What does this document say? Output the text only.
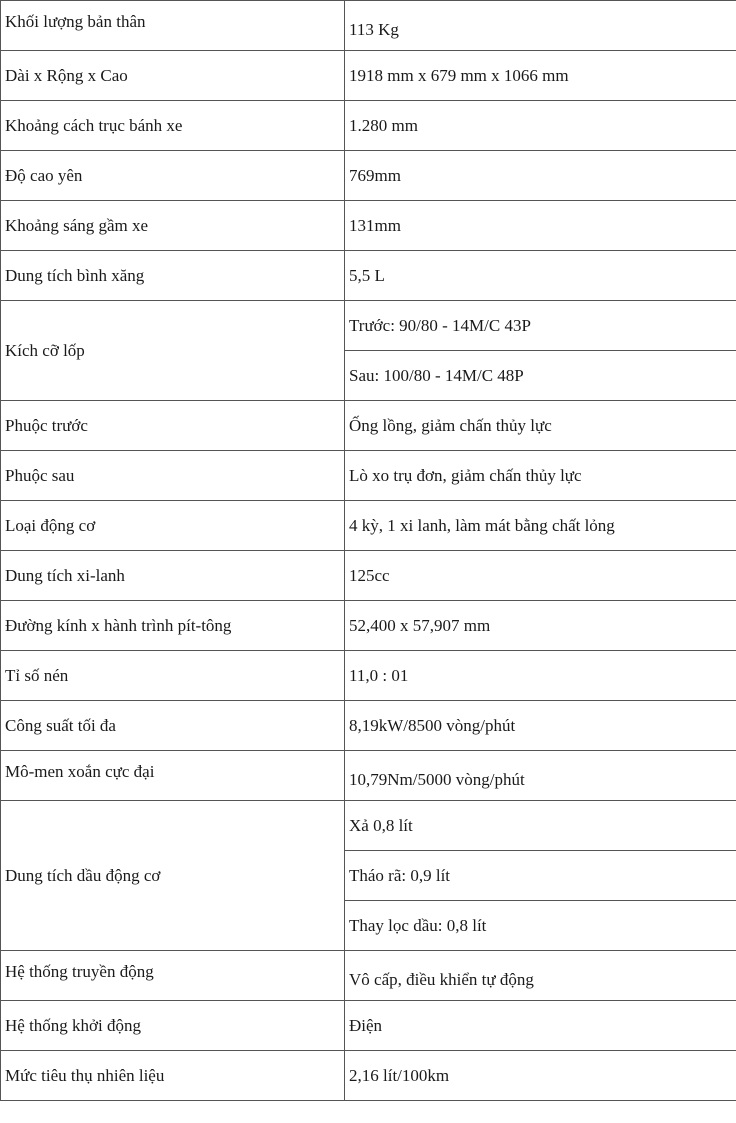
Khối lượng bản thân	113 Kg
Dài x Rộng x Cao	1918 mm x 679 mm x 1066 mm
Khoảng cách trục bánh xe	1.280 mm
Độ cao yên	769mm
Khoảng sáng gầm xe	131mm
Dung tích bình xăng	5,5 L
Kích cỡ lốp	Trước: 90/80 - 14M/C 43P
	Sau: 100/80 - 14M/C 48P
Phuộc trước	Ống lồng, giảm chấn thủy lực
Phuộc sau	Lò xo trụ đơn, giảm chấn thủy lực
Loại động cơ	4 kỳ, 1 xi lanh, làm mát bằng chất lỏng
Dung tích xi-lanh	125cc
Đường kính x hành trình pít-tông	52,400 x 57,907 mm
Tỉ số nén	11,0 : 01
Công suất tối đa	8,19kW/8500 vòng/phút
Mô-men xoắn cực đại	10,79Nm/5000 vòng/phút
Dung tích dầu động cơ	Xả 0,8 lít
	Tháo rã: 0,9 lít
	Thay lọc dầu: 0,8 lít
Hệ thống truyền động	Vô cấp, điều khiển tự động
Hệ thống khởi động	Điện
Mức tiêu thụ nhiên liệu	2,16 lít/100km
